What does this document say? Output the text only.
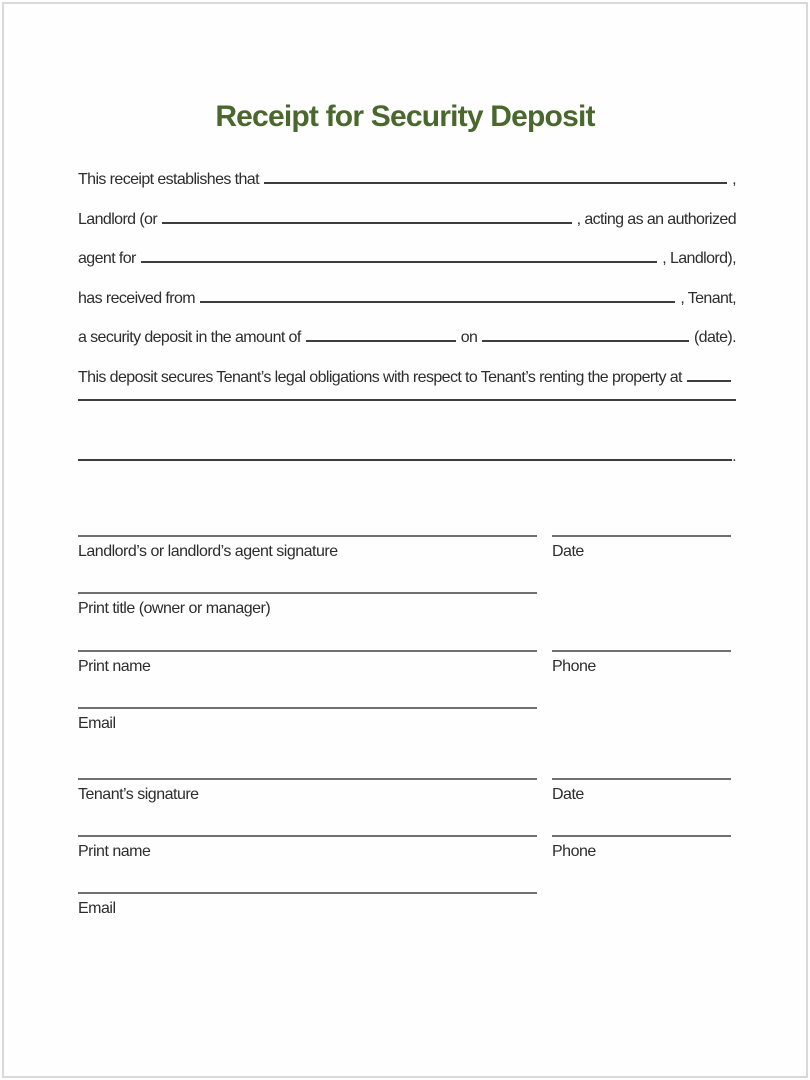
Receipt for Security Deposit
This receipt establishes that	,
Landlord (or	, acting as an authorized
agent for	, Landlord),
has received from	, Tenant,
a security deposit in the amount of	on	(date).
This deposit secures Tenant’s legal obligations with respect to Tenant’s renting the property at
.
Landlord’s or landlord’s agent signature	Date
Print title (owner or manager)
Print name	Phone
Email
Tenant’s signature	Date
Print name	Phone
Email
